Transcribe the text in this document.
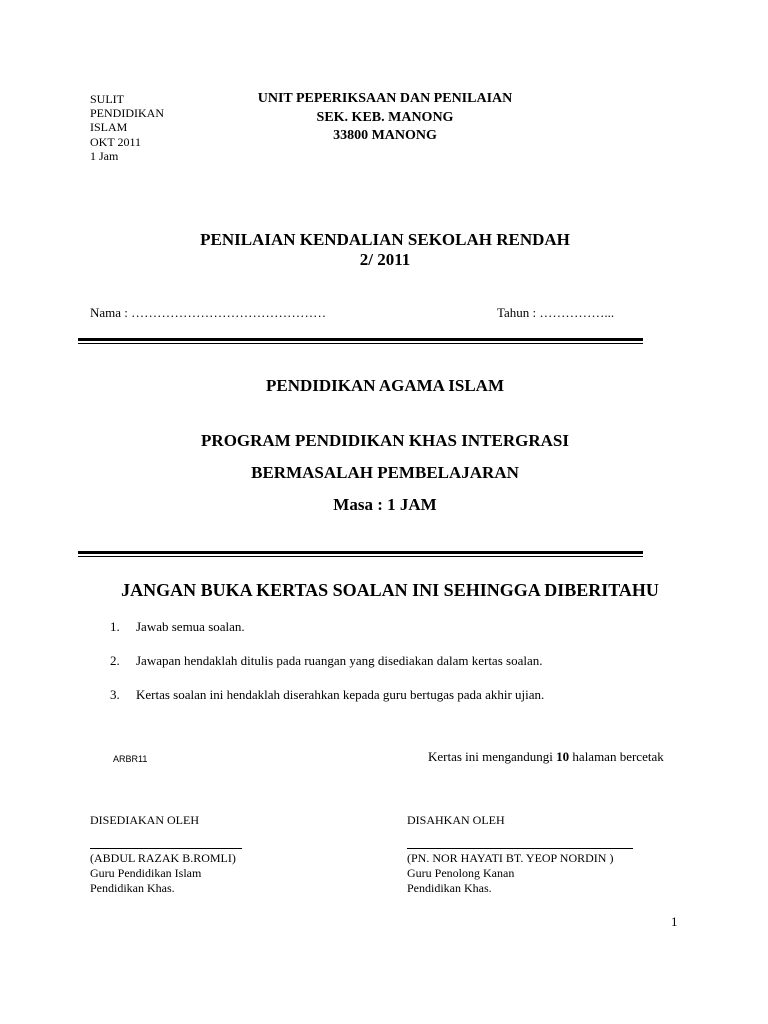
SULIT
PENDIDIKAN
ISLAM
OKT 2011
1 Jam
UNIT PEPERIKSAAN DAN PENILAIAN
SEK. KEB. MANONG
33800 MANONG
PENILAIAN KENDALIAN SEKOLAH RENDAH
2/ 2011
Nama : ………………………………………	Tahun : ……………...
PENDIDIKAN AGAMA ISLAM
PROGRAM PENDIDIKAN KHAS INTERGRASI
BERMASALAH PEMBELAJARAN
Masa : 1 JAM
JANGAN BUKA KERTAS SOALAN INI SEHINGGA DIBERITAHU
1. Jawab semua soalan.
2. Jawapan hendaklah ditulis pada ruangan yang disediakan dalam kertas soalan.
3. Kertas soalan ini hendaklah diserahkan kepada guru bertugas pada akhir ujian.
ARBR11	Kertas ini mengandungi 10 halaman bercetak
DISEDIAKAN OLEH
(ABDUL RAZAK B.ROMLI)
Guru Pendidikan Islam
Pendidikan Khas.
DISAHKAN OLEH
(PN. NOR HAYATI BT. YEOP NORDIN )
Guru Penolong Kanan
Pendidikan Khas.
1
